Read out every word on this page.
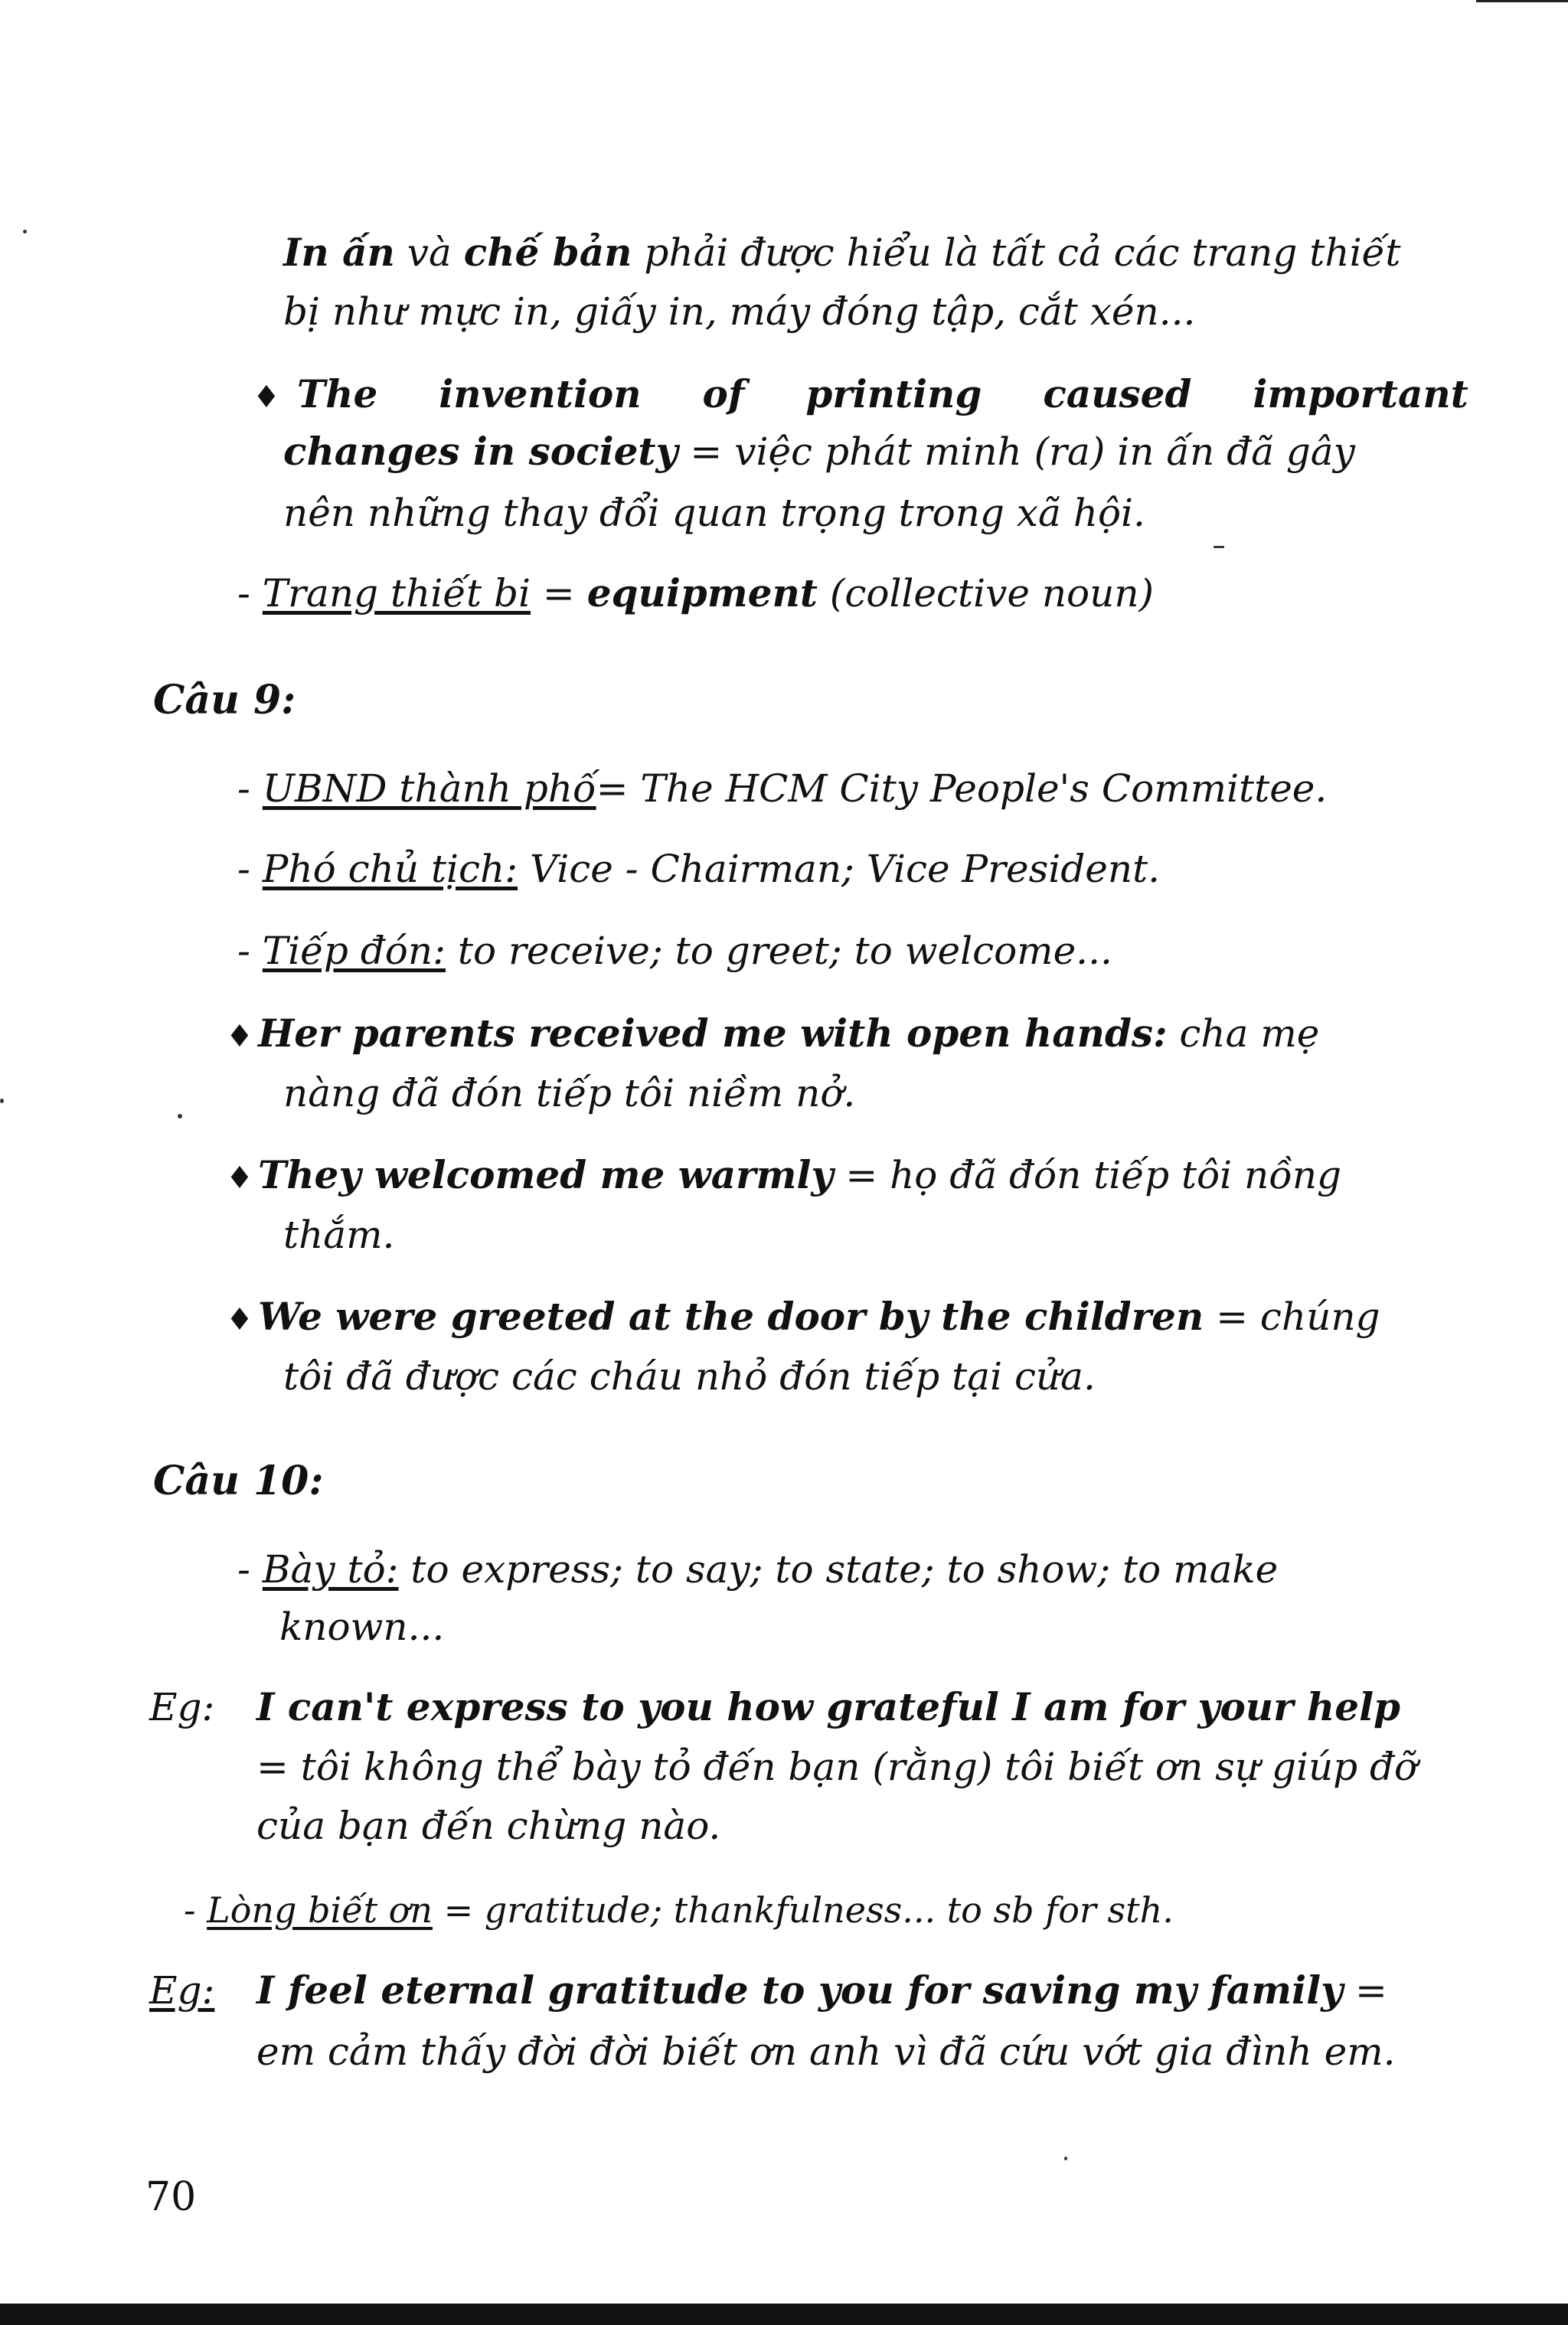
In ấn và chế bản phải được hiểu là tất cả các trang thiết
bị như mực in, giấy in, máy đóng tập, cắt xén...
♦ The invention of printing caused important
changes in society = việc phát minh (ra) in ấn đã gây
nên những thay đổi quan trọng trong xã hội.
- Trang thiết bi = equipment (collective noun)
Câu 9:
- UBND thành phố= The HCM City People's Committee.
- Phó chủ tịch: Vice - Chairman; Vice President.
- Tiếp đón: to receive; to greet; to welcome...
♦ Her parents received me with open hands: cha mẹ
nàng đã đón tiếp tôi niềm nở.
♦ They welcomed me warmly = họ đã đón tiếp tôi nồng
thắm.
♦ We were greeted at the door by the children = chúng
tôi đã được các cháu nhỏ đón tiếp tại cửa.
Câu 10:
- Bày tỏ: to express; to say; to state; to show; to make
known...
Eg: I can't express to you how grateful I am for your help
= tôi không thể bày tỏ đến bạn (rằng) tôi biết ơn sự giúp đỡ
của bạn đến chừng nào.
- Lòng biết ơn = gratitude; thankfulness... to sb for sth.
Eg: I feel eternal gratitude to you for saving my family =
em cảm thấy đời đời biết ơn anh vì đã cứu vớt gia đình em.
70
